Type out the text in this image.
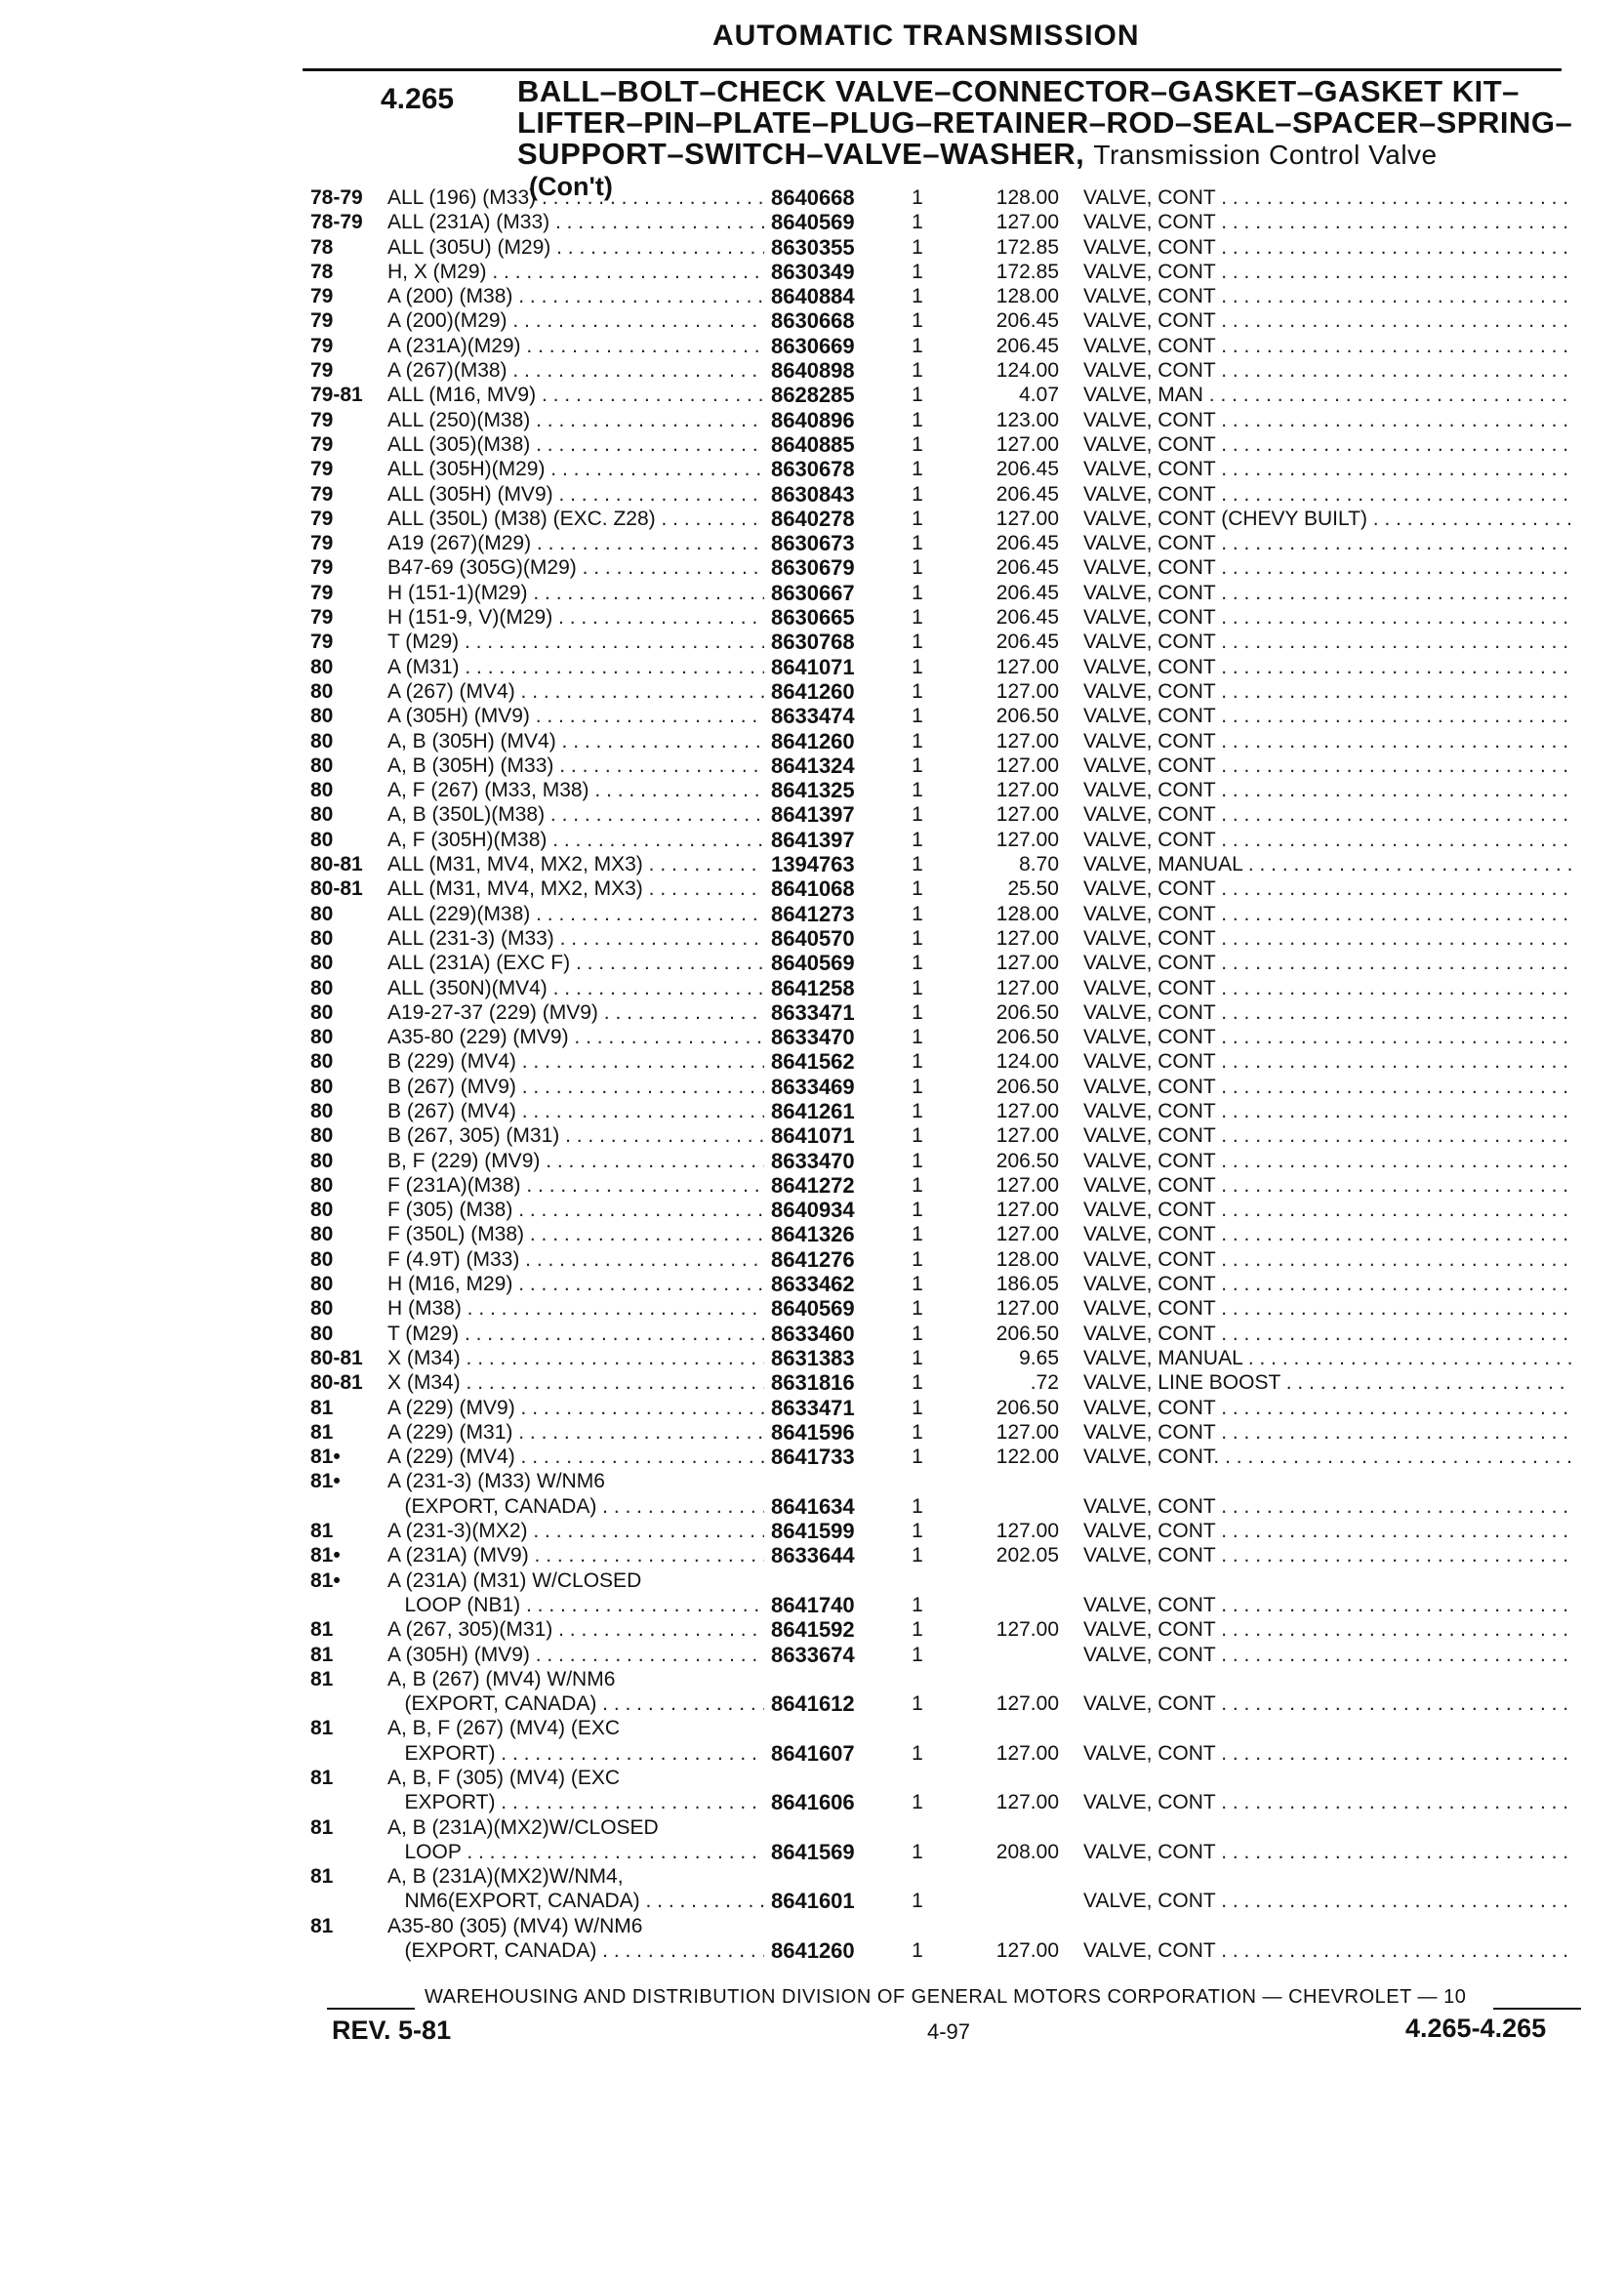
AUTOMATIC TRANSMISSION
4.265 BALL–BOLT–CHECK VALVE–CONNECTOR–GASKET–GASKET KIT–
LIFTER–PIN–PLATE–PLUG–RETAINER–ROD–SEAL–SPACER–SPRING–
SUPPORT–SWITCH–VALVE–WASHER, Transmission Control Valve
(Con't)
78-79	ALL (196) (M33) . . .	8640668	1	128.00 VALVE, CONT . . .
78-79	ALL (231A) (M33) . . .	8640569	1	127.00 VALVE, CONT . . .
78	ALL (305U) (M29) . . .	8630355	1	172.85 VALVE, CONT . . .
78	H, X (M29) . . .	8630349	1	172.85 VALVE, CONT . . .
79	A (200) (M38) . . .	8640884	1	128.00 VALVE, CONT . . .
79	A (200)(M29) . . .	8630668	1	206.45 VALVE, CONT . . .
79	A (231A)(M29) . . .	8630669	1	206.45 VALVE, CONT . . .
79	A (267)(M38) . . .	8640898	1	124.00 VALVE, CONT . . .
79-81	ALL (M16, MV9) . . .	8628285	1	4.07 VALVE, MAN . . .
79	ALL (250)(M38) . . .	8640896	1	123.00 VALVE, CONT . . .
79	ALL (305)(M38) . . .	8640885	1	127.00 VALVE, CONT . . .
79	ALL (305H)(M29) . . .	8630678	1	206.45 VALVE, CONT . . .
79	ALL (305H) (MV9) . . .	8630843	1	206.45 VALVE, CONT . . .
79	ALL (350L) (M38) (EXC. Z28) . . .	8640278	1	127.00 VALVE, CONT (CHEVY BUILT) . . .
79	A19 (267)(M29) . . .	8630673	1	206.45 VALVE, CONT . . .
79	B47-69 (305G)(M29) . . .	8630679	1	206.45 VALVE, CONT . . .
79	H (151-1)(M29) . . .	8630667	1	206.45 VALVE, CONT . . .
79	H (151-9, V)(M29) . . .	8630665	1	206.45 VALVE, CONT . . .
79	T (M29) . . .	8630768	1	206.45 VALVE, CONT . . .
80	A (M31) . . .	8641071	1	127.00 VALVE, CONT . . .
80	A (267) (MV4) . . .	8641260	1	127.00 VALVE, CONT . . .
80	A (305H) (MV9) . . .	8633474	1	206.50 VALVE, CONT . . .
80	A, B (305H) (MV4) . . .	8641260	1	127.00 VALVE, CONT . . .
80	A, B (305H) (M33) . . .	8641324	1	127.00 VALVE, CONT . . .
80	A, F (267) (M33, M38) . . .	8641325	1	127.00 VALVE, CONT . . .
80	A, B (350L)(M38) . . .	8641397	1	127.00 VALVE, CONT . . .
80	A, F (305H)(M38) . . .	8641397	1	127.00 VALVE, CONT . . .
80-81	ALL (M31, MV4, MX2, MX3) . . .	1394763	1	8.70 VALVE, MANUAL . . .
80-81	ALL (M31, MV4, MX2, MX3) . . .	8641068	1	25.50 VALVE, CONT . . .
80	ALL (229)(M38) . . .	8641273	1	128.00 VALVE, CONT . . .
80	ALL (231-3) (M33) . . .	8640570	1	127.00 VALVE, CONT . . .
80	ALL (231A) (EXC F) . . .	8640569	1	127.00 VALVE, CONT . . .
80	ALL (350N)(MV4) . . .	8641258	1	127.00 VALVE, CONT . . .
80	A19-27-37 (229) (MV9) . . .	8633471	1	206.50 VALVE, CONT . . .
80	A35-80 (229) (MV9) . . .	8633470	1	206.50 VALVE, CONT . . .
80	B (229) (MV4) . . .	8641562	1	124.00 VALVE, CONT . . .
80	B (267) (MV9) . . .	8633469	1	206.50 VALVE, CONT . . .
80	B (267) (MV4) . . .	8641261	1	127.00 VALVE, CONT . . .
80	B (267, 305) (M31) . . .	8641071	1	127.00 VALVE, CONT . . .
80	B, F (229) (MV9) . . .	8633470	1	206.50 VALVE, CONT . . .
80	F (231A)(M38) . . .	8641272	1	127.00 VALVE, CONT . . .
80	F (305) (M38) . . .	8640934	1	127.00 VALVE, CONT . . .
80	F (350L) (M38) . . .	8641326	1	127.00 VALVE, CONT . . .
80	F (4.9T) (M33) . . .	8641276	1	128.00 VALVE, CONT . . .
80	H (M16, M29) . . .	8633462	1	186.05 VALVE, CONT . . .
80	H (M38) . . .	8640569	1	127.00 VALVE, CONT . . .
80	T (M29) . . .	8633460	1	206.50 VALVE, CONT . . .
80-81	X (M34) . . .	8631383	1	9.65 VALVE, MANUAL . . .
80-81	X (M34) . . .	8631816	1	.72 VALVE, LINE BOOST . . .
81	A (229) (MV9) . . .	8633471	1	206.50 VALVE, CONT . . .
81	A (229) (M31) . . .	8641596	1	127.00 VALVE, CONT . . .
81•	A (229) (MV4) . . .	8641733	1	122.00 VALVE, CONT. . . .
81•	A (231-3) (M33) W/NM6
(EXPORT, CANADA) . . .	8641634	1	VALVE, CONT . . .
81	A (231-3)(MX2) . . .	8641599	1	127.00 VALVE, CONT . . .
81•	A (231A) (MV9) . . .	8633644	1	202.05 VALVE, CONT . . .
81•	A (231A) (M31) W/CLOSED
LOOP (NB1) . . .	8641740	1	VALVE, CONT . . .
81	A (267, 305)(M31) . . .	8641592	1	127.00 VALVE, CONT . . .
81	A (305H) (MV9) . . .	8633674	1	VALVE, CONT . . .
81	A, B (267) (MV4) W/NM6
(EXPORT, CANADA) . . .	8641612	1	127.00 VALVE, CONT . . .
81	A, B, F (267) (MV4) (EXC
EXPORT) . . .	8641607	1	127.00 VALVE, CONT . . .
81	A, B, F (305) (MV4) (EXC
EXPORT) . . .	8641606	1	127.00 VALVE, CONT . . .
81	A, B (231A)(MX2)W/CLOSED
LOOP . . .	8641569	1	208.00 VALVE, CONT . . .
81	A, B (231A)(MX2)W/NM4,
NM6(EXPORT, CANADA) . . .	8641601	1	VALVE, CONT . . .
81	A35-80 (305) (MV4) W/NM6
(EXPORT, CANADA) . . .	8641260	1	127.00 VALVE, CONT . . .
WAREHOUSING AND DISTRIBUTION DIVISION OF GENERAL MOTORS CORPORATION — CHEVROLET — 10
REV. 5-81	4-97	4.265-4.265
